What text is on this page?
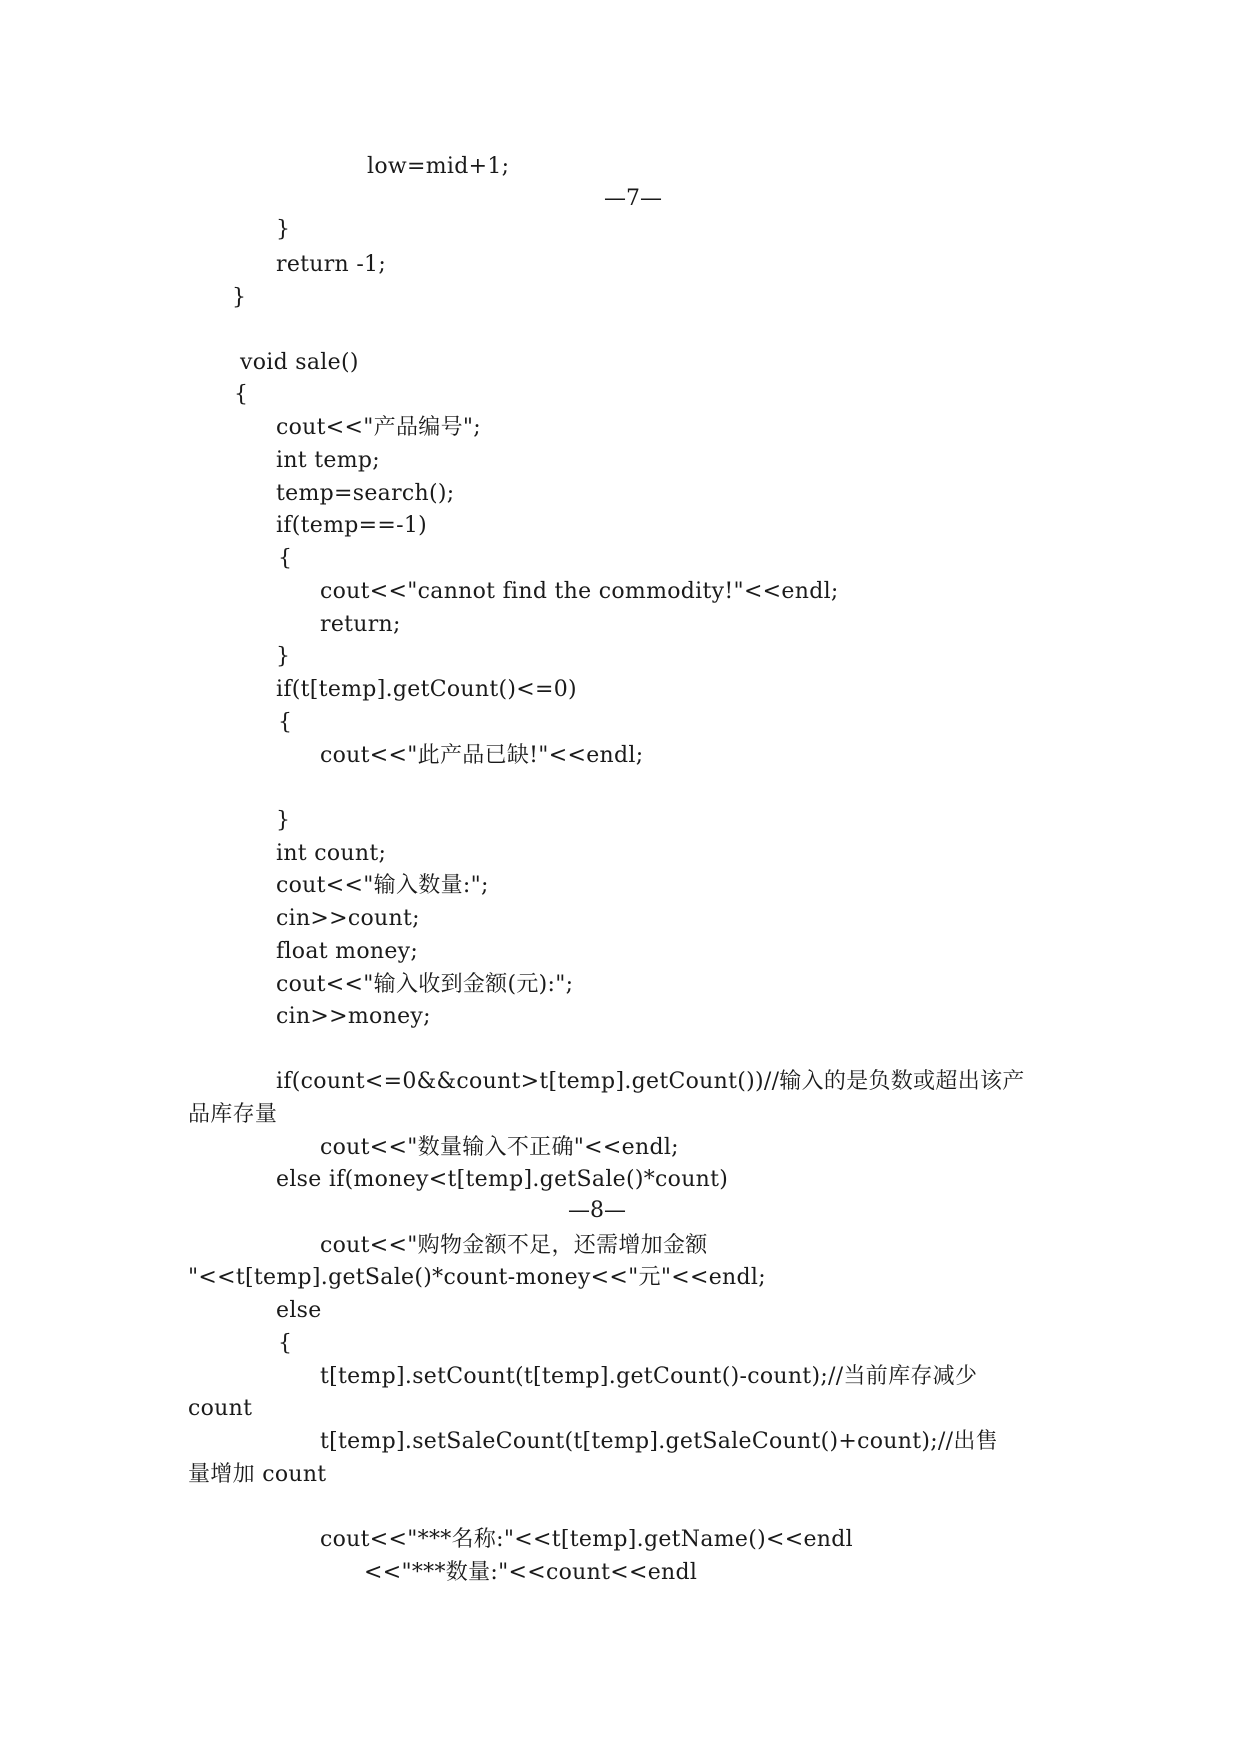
low=mid+1;
—7—
}
return -1;
}
void sale()
{
cout<<"产品编号";
int temp;
temp=search();
if(temp==-1)
{
cout<<"cannot find the commodity!"<<endl;
return;
}
if(t[temp].getCount()<=0)
{
cout<<"此产品已缺!"<<endl;
}
int count;
cout<<"输入数量:";
cin>>count;
float money;
cout<<"输入收到金额(元):";
cin>>money;
if(count<=0&&count>t[temp].getCount())//输入的是负数或超出该产
品库存量
cout<<"数量输入不正确"<<endl;
else if(money<t[temp].getSale()*count)
—8—
cout<<"购物金额不足，还需增加金额
"<<t[temp].getSale()*count-money<<"元"<<endl;
else
{
t[temp].setCount(t[temp].getCount()-count);//当前库存减少
count
t[temp].setSaleCount(t[temp].getSaleCount()+count);//出售
量增加 count
cout<<"***名称:"<<t[temp].getName()<<endl
<<"***数量:"<<count<<endl
